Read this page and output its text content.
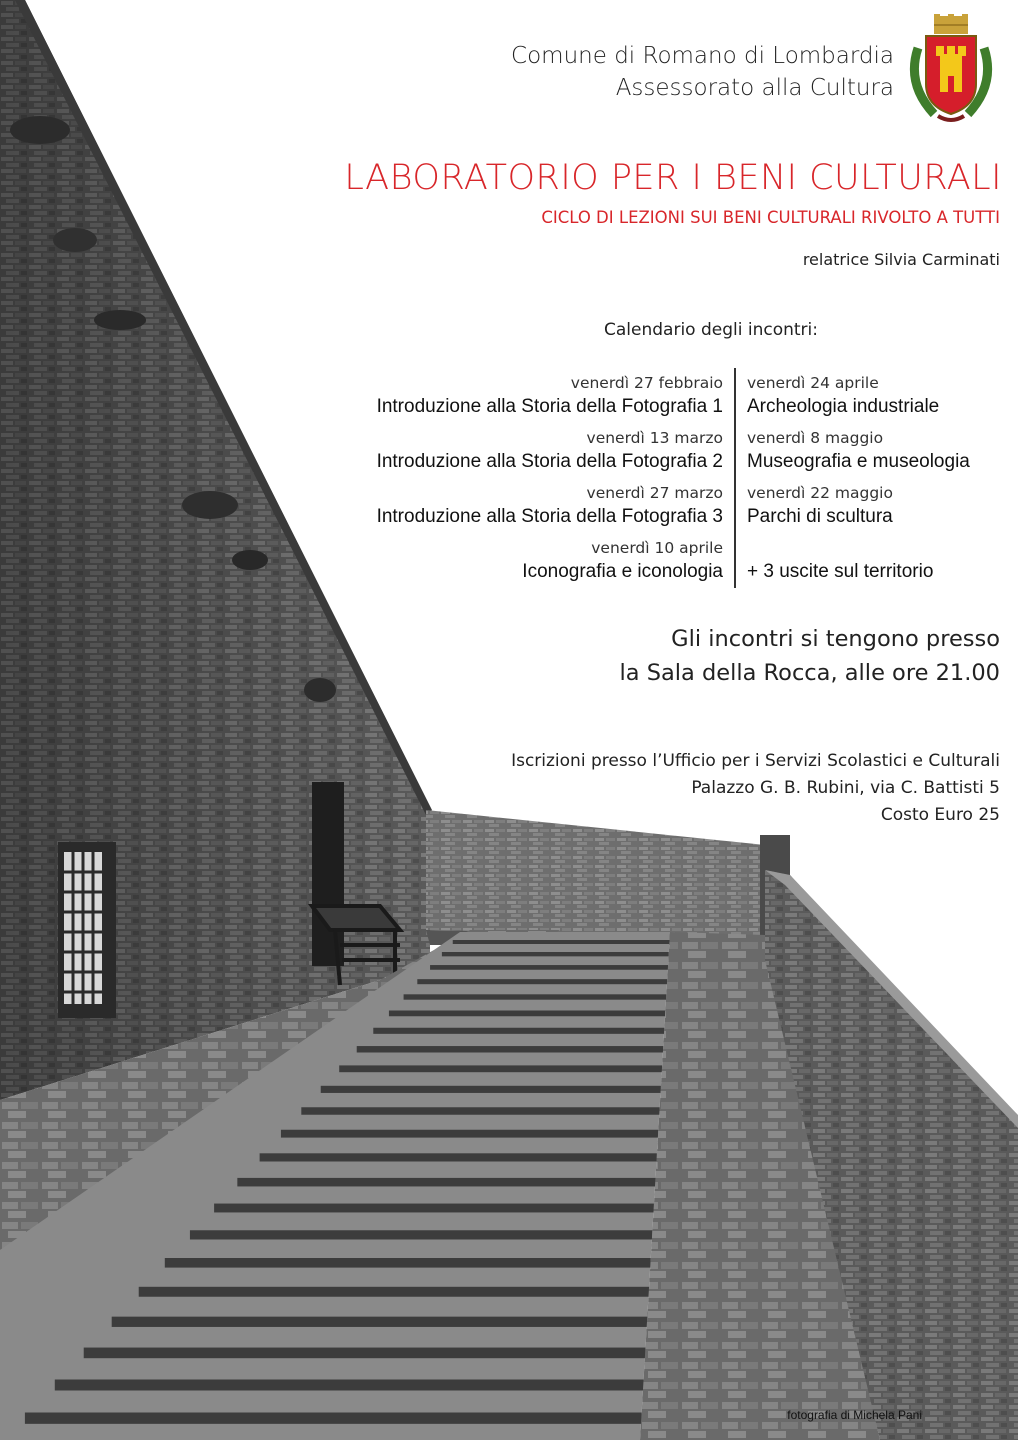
Comune di Romano di Lombardia
Assessorato alla Cultura
LABORATORIO PER I BENI CULTURALI
CICLO DI LEZIONI SUI BENI CULTURALI RIVOLTO A TUTTI
relatrice Silvia Carminati
Calendario degli incontri:
venerdì 27 febbraio
Introduzione alla Storia della Fotografia 1
venerdì 13 marzo
Introduzione alla Storia della Fotografia 2
venerdì 27 marzo
Introduzione alla Storia della Fotografia 3
venerdì 10 aprile
Iconografia e iconologia
venerdì 24 aprile
Archeologia industriale
venerdì 8 maggio
Museografia e museologia
venerdì 22 maggio
Parchi di scultura
+ 3 uscite sul territorio
Gli incontri si tengono presso
la Sala della Rocca, alle ore 21.00
Iscrizioni presso l’Ufficio per i Servizi Scolastici e Culturali
Palazzo G. B. Rubini, via C. Battisti 5
Costo Euro 25
fotografia di Michela Pani
